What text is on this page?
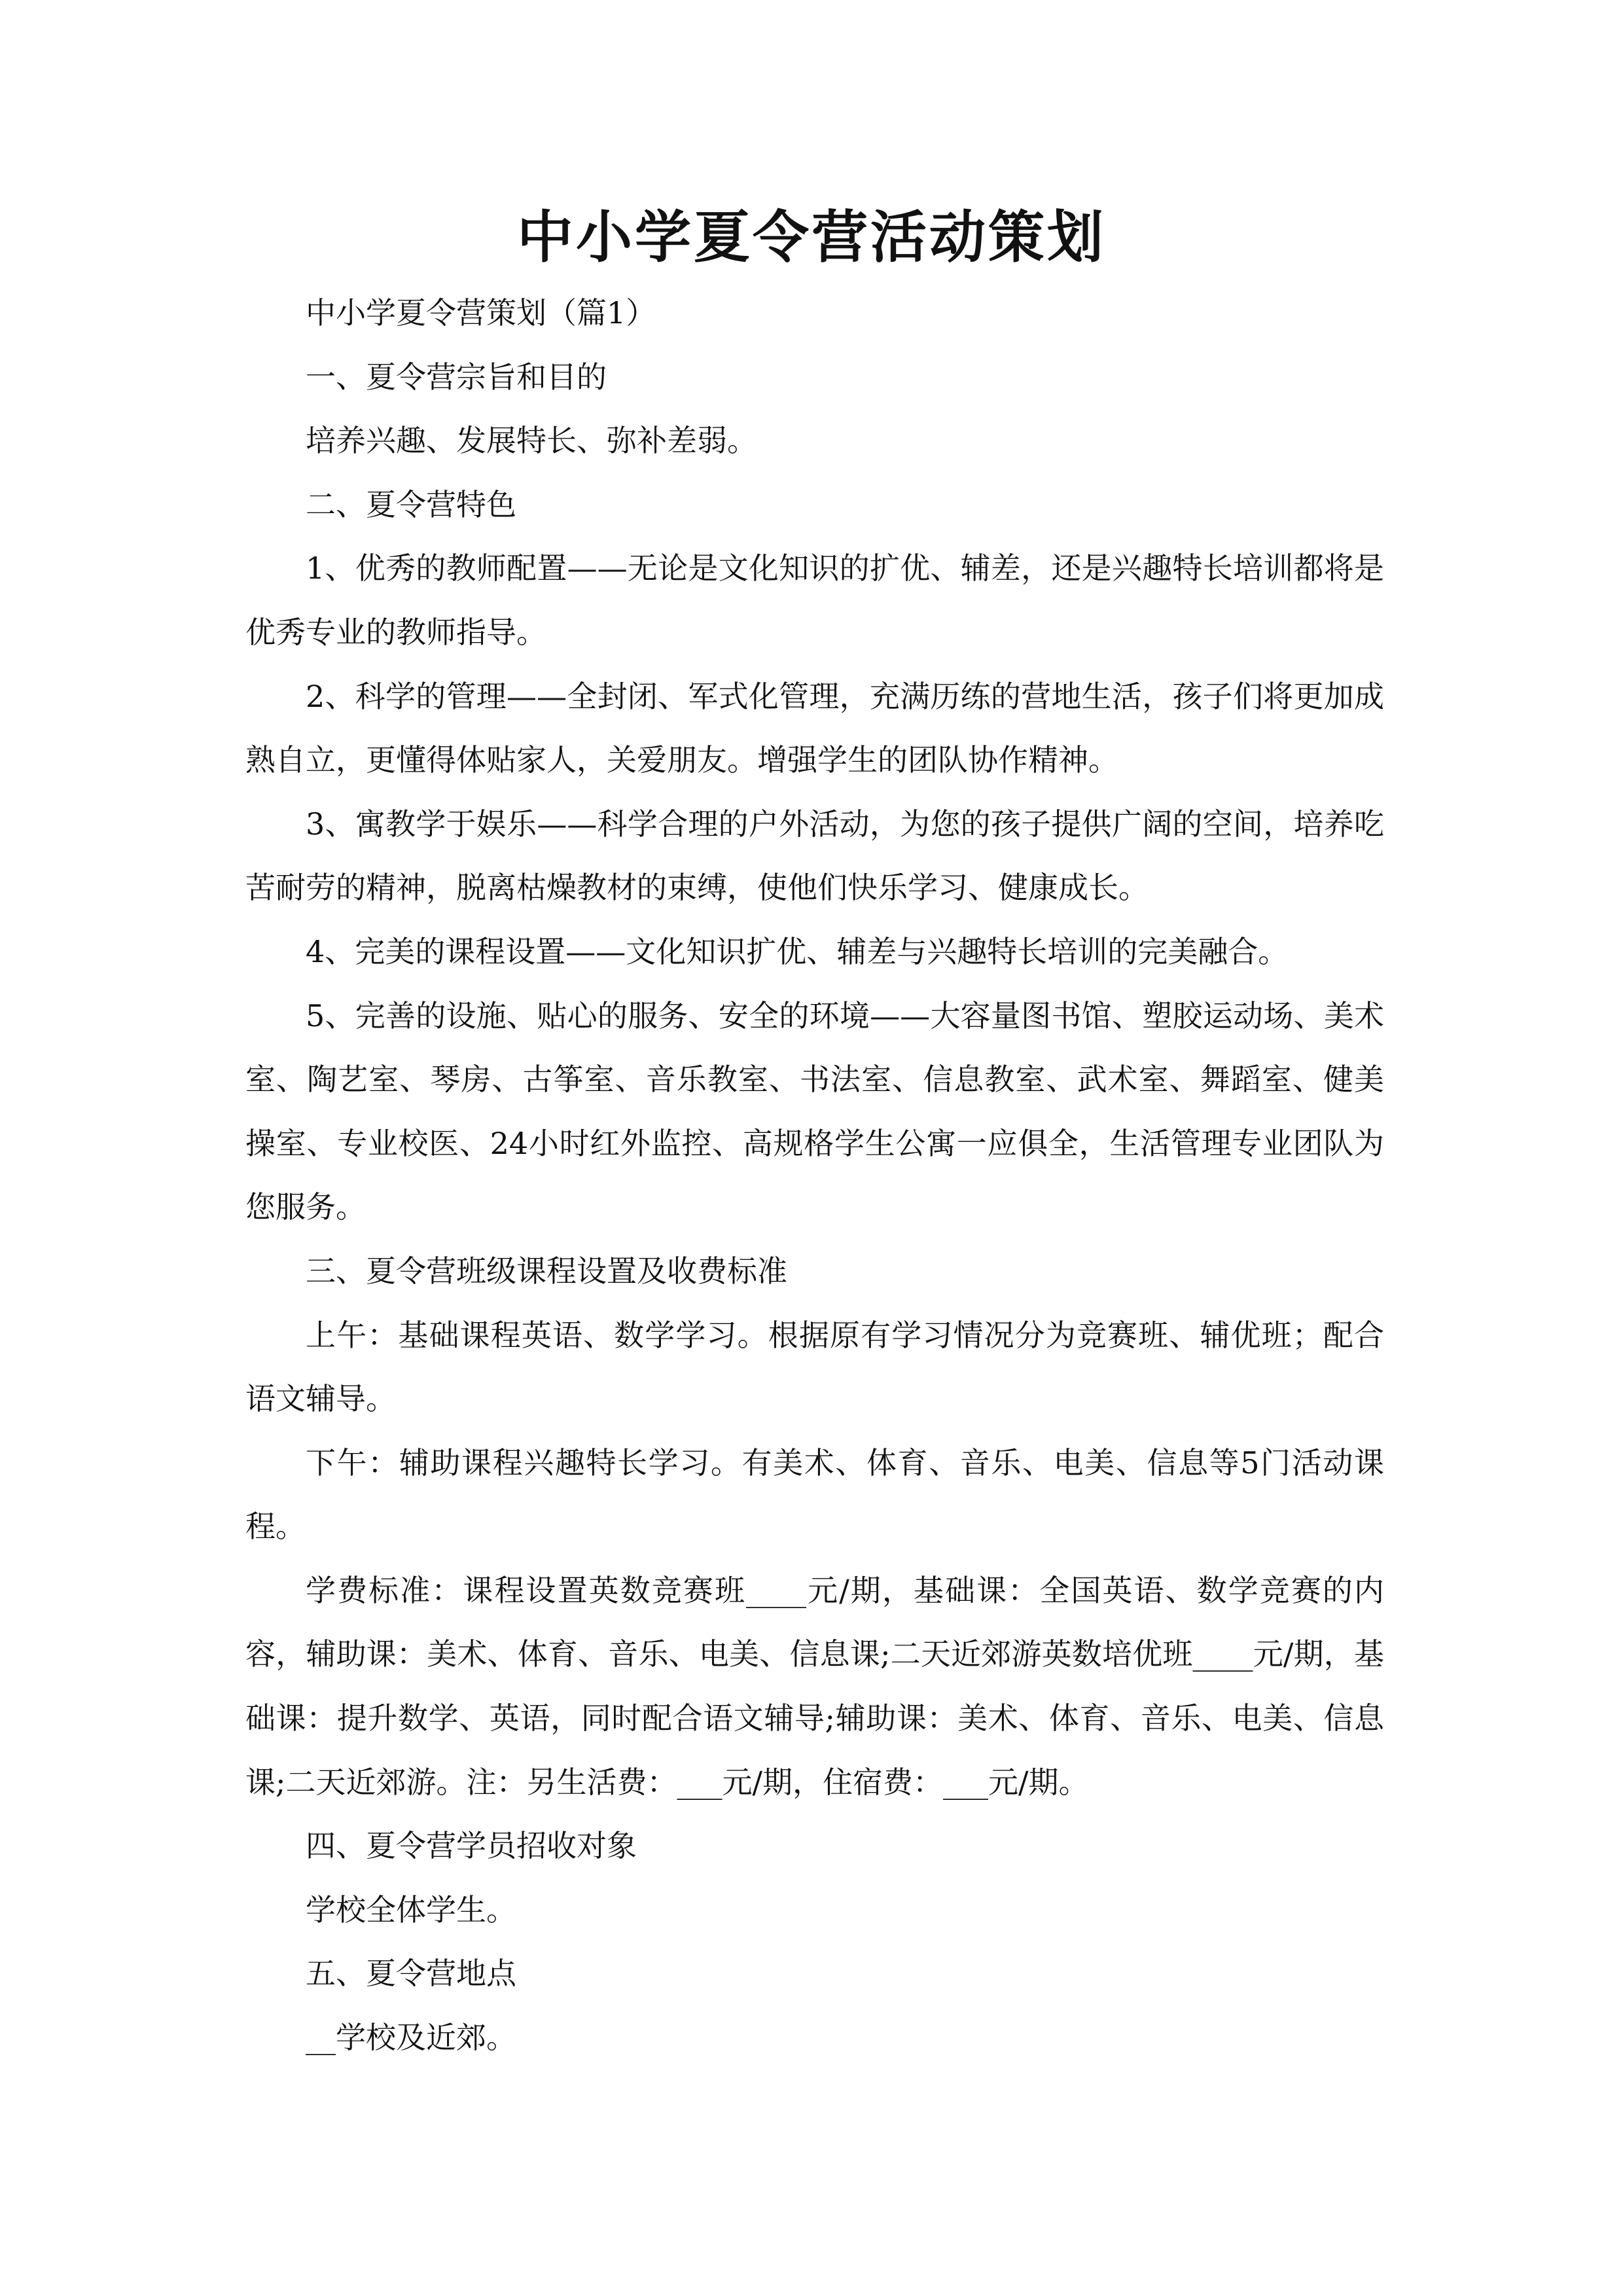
中小学夏令营活动策划

中小学夏令营策划（篇1）

一、夏令营宗旨和目的

培养兴趣、发展特长、弥补差弱。

二、夏令营特色

1、优秀的教师配置——无论是文化知识的扩优、辅差，还是兴趣特长培训都将是优秀专业的教师指导。

2、科学的管理——全封闭、军式化管理，充满历练的营地生活，孩子们将更加成熟自立，更懂得体贴家人，关爱朋友。增强学生的团队协作精神。

3、寓教学于娱乐——科学合理的户外活动，为您的孩子提供广阔的空间，培养吃苦耐劳的精神，脱离枯燥教材的束缚，使他们快乐学习、健康成长。

4、完美的课程设置——文化知识扩优、辅差与兴趣特长培训的完美融合。

5、完善的设施、贴心的服务、安全的环境——大容量图书馆、塑胶运动场、美术室、陶艺室、琴房、古筝室、音乐教室、书法室、信息教室、武术室、舞蹈室、健美操室、专业校医、24小时红外监控、高规格学生公寓一应俱全，生活管理专业团队为您服务。

三、夏令营班级课程设置及收费标准

上午：基础课程英语、数学学习。根据原有学习情况分为竞赛班、辅优班；配合语文辅导。

下午：辅助课程兴趣特长学习。有美术、体育、音乐、电美、信息等5门活动课程。

学费标准：课程设置英数竞赛班____元/期，基础课：全国英语、数学竞赛的内容，辅助课：美术、体育、音乐、电美、信息课;二天近郊游英数培优班____元/期，基础课：提升数学、英语，同时配合语文辅导;辅助课：美术、体育、音乐、电美、信息课;二天近郊游。注：另生活费：___元/期，住宿费：___元/期。

四、夏令营学员招收对象

学校全体学生。

五、夏令营地点

__学校及近郊。
